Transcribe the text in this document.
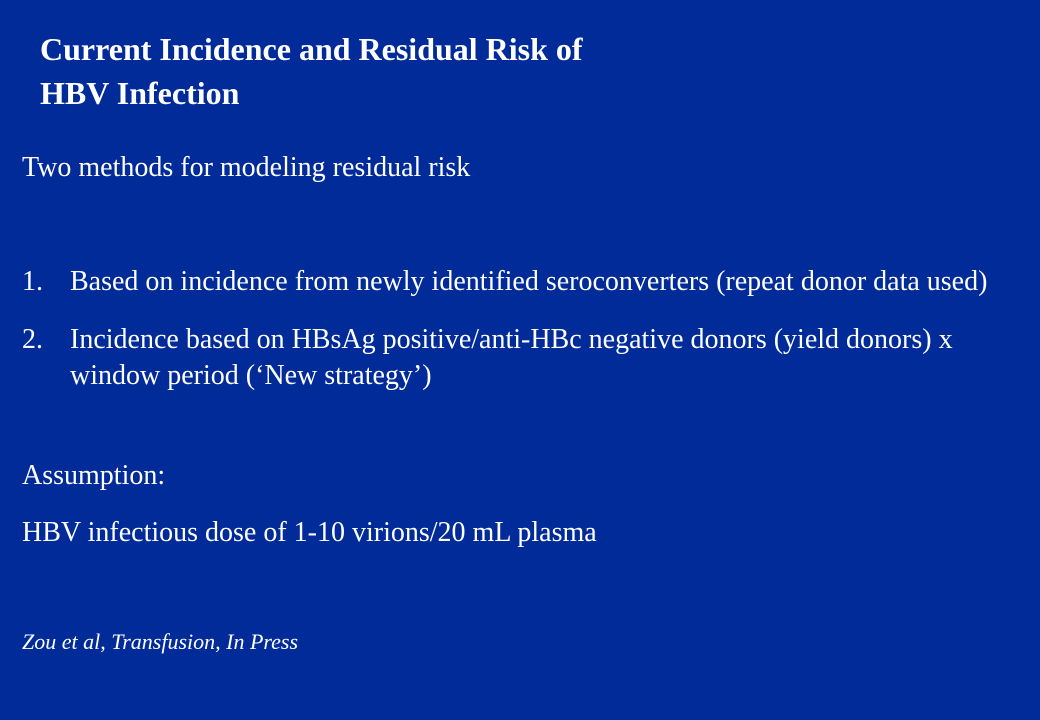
Current Incidence and Residual Risk of
HBV Infection

Two methods for modeling residual risk

1. Based on incidence from newly identified seroconverters (repeat donor data used)
2. Incidence based on HBsAg positive/anti-HBc negative donors (yield donors) x window period (‘New strategy’)

Assumption:

HBV infectious dose of 1-10 virions/20 mL plasma

Zou et al, Transfusion, In Press
